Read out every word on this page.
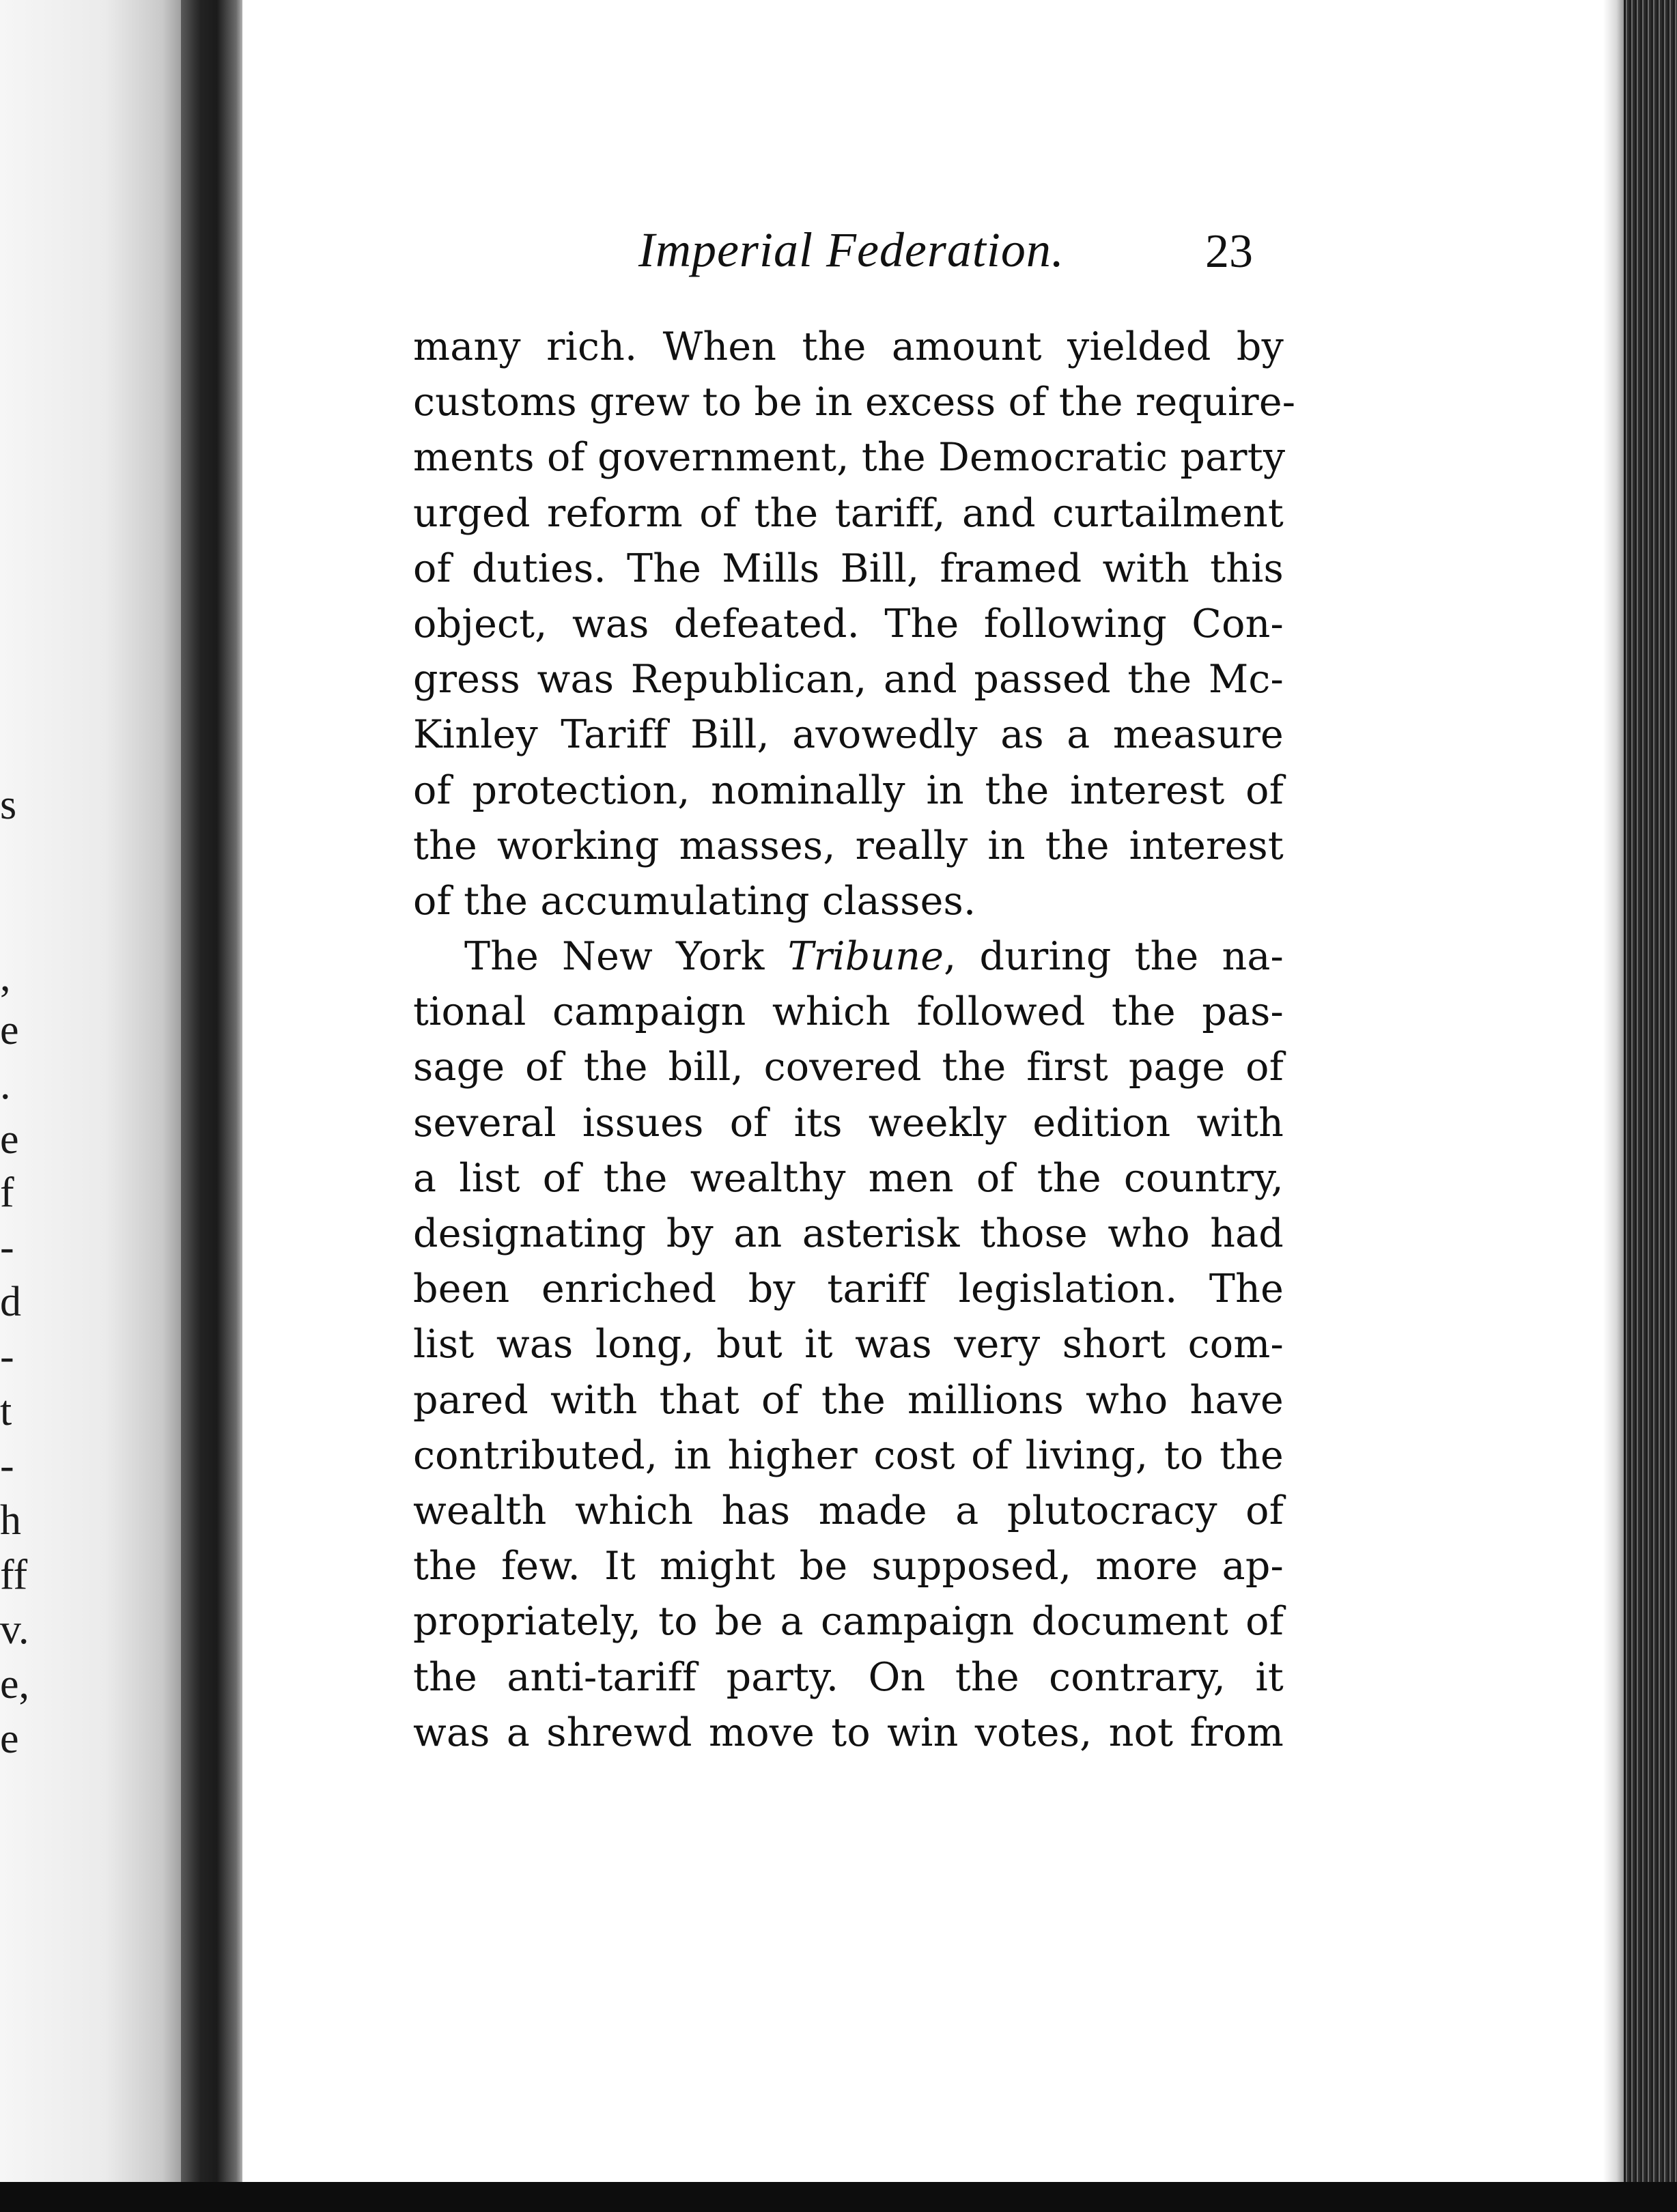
s
,
e
.
e
f
-
d
-
t
-
h
ff
v.
e,
e
Imperial Federation.	23
many rich. When the amount yielded by
customs grew to be in excess of the require-
ments of government, the Democratic party
urged reform of the tariff, and curtailment
of duties. The Mills Bill, framed with this
object, was defeated. The following Con-
gress was Republican, and passed the Mc-
Kinley Tariff Bill, avowedly as a measure
of protection, nominally in the interest of
the working masses, really in the interest
of the accumulating classes.
The New York Tribune, during the na-
tional campaign which followed the pas-
sage of the bill, covered the first page of
several issues of its weekly edition with
a list of the wealthy men of the country,
designating by an asterisk those who had
been enriched by tariff legislation. The
list was long, but it was very short com-
pared with that of the millions who have
contributed, in higher cost of living, to the
wealth which has made a plutocracy of
the few. It might be supposed, more ap-
propriately, to be a campaign document of
the anti-tariff party. On the contrary, it
was a shrewd move to win votes, not from
